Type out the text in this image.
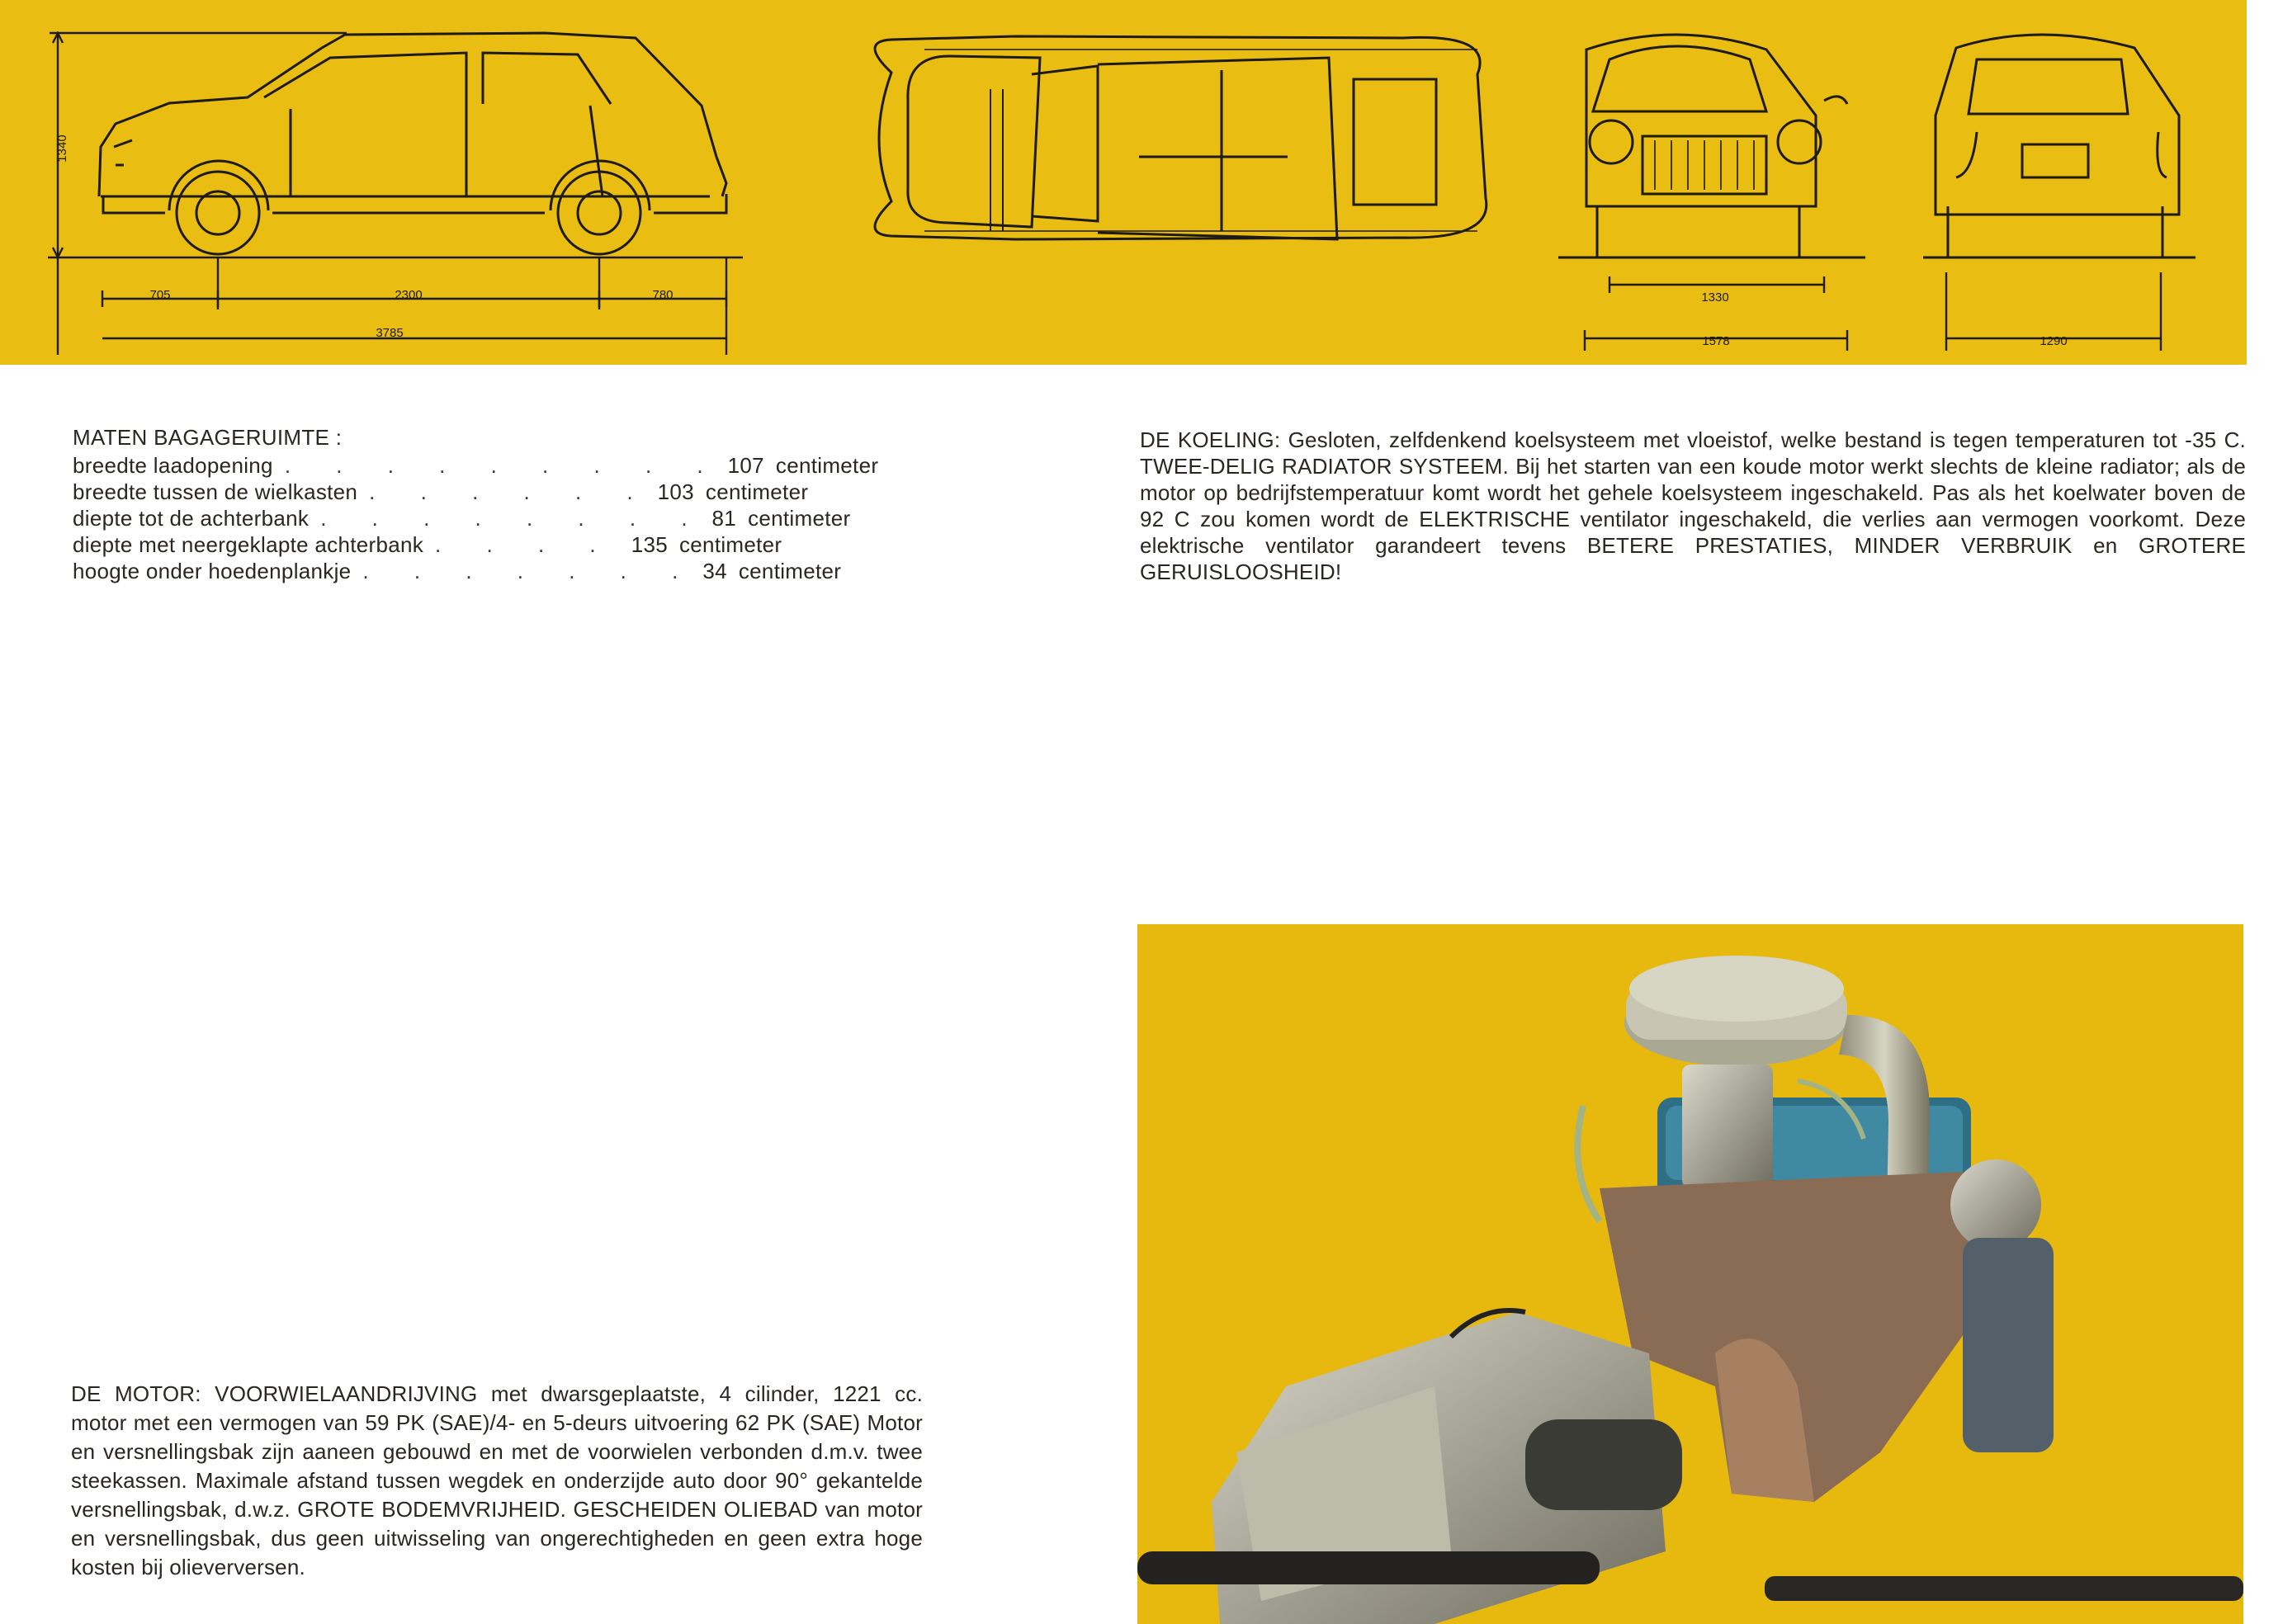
1340
705	2300	780
3785
1330
1578	1290
MATEN BAGAGERUIMTE :
breedte laadopening . . . . . . . . . 107 centimeter
breedte tussen de wielkasten . . . . . . 103 centimeter
diepte tot de achterbank . . . . . . . . 81 centimeter
diepte met neergeklapte achterbank . . . . 135 centimeter
hoogte onder hoedenplankje . . . . . . . 34 centimeter
DE KOELING: Gesloten, zelfdenkend koelsysteem met vloeistof, welke bestand is tegen temperaturen tot -35 C. TWEE-DELIG RADIATOR SYSTEEM. Bij het starten van een koude motor werkt slechts de kleine radiator; als de motor op bedrijfstemperatuur komt wordt het gehele koelsysteem ingeschakeld. Pas als het koelwater boven de 92 C zou komen wordt de ELEKTRISCHE ventilator ingeschakeld, die verlies aan vermogen voorkomt. Deze elektrische ventilator garandeert tevens BETERE PRESTATIES, MINDER VERBRUIK en GROTERE GERUISLOOSHEID!
DE MOTOR: VOORWIELAANDRIJVING met dwarsgeplaatste, 4 cilinder, 1221 cc. motor met een vermogen van 59 PK (SAE)/4- en 5-deurs uitvoering 62 PK (SAE) Motor en versnellingsbak zijn aaneen gebouwd en met de voorwielen verbonden d.m.v. twee steekassen. Maximale afstand tussen wegdek en onderzijde auto door 90° gekantelde versnellingsbak, d.w.z. GROTE BODEMVRIJHEID. GESCHEIDEN OLIEBAD van motor en versnellingsbak, dus geen uitwisseling van ongerechtigheden en geen extra hoge kosten bij olieverversen.
